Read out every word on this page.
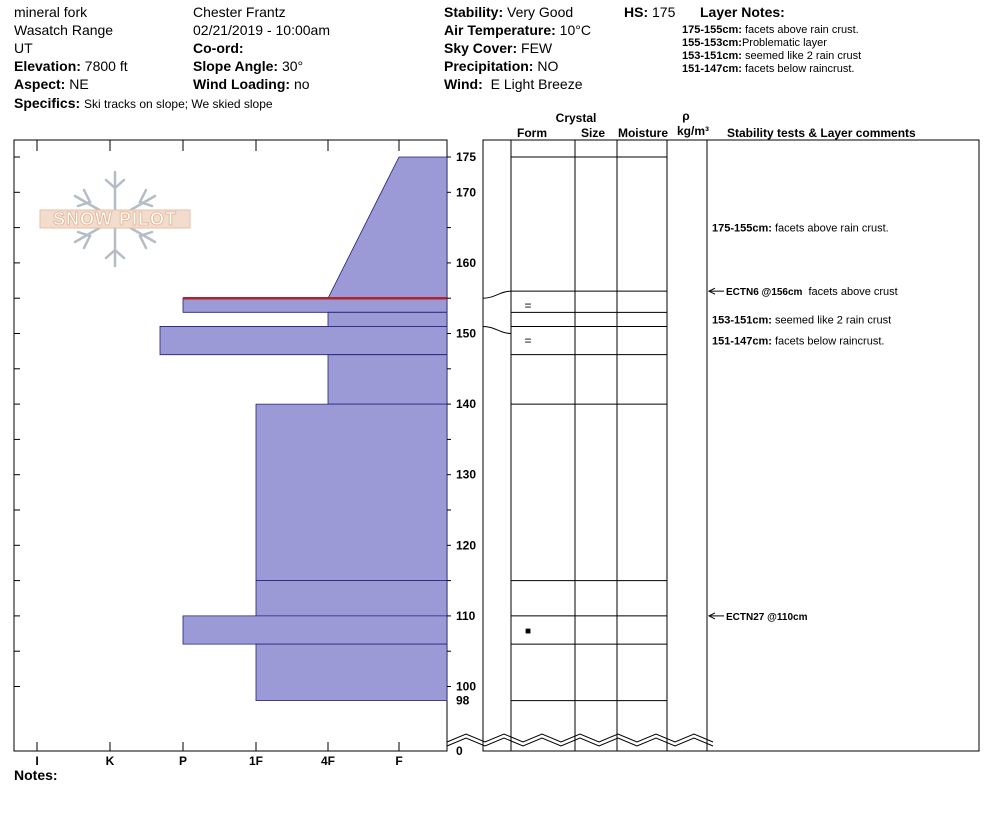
mineral fork
Wasatch Range
UT
Elevation: 7800 ft
Aspect: NE
Specifics: Ski tracks on slope; We skied slope
Chester Frantz
02/21/2019 - 10:00am
Co-ord:
Slope Angle: 30°
Wind Loading: no
Stability: Very Good
Air Temperature: 10°C
Sky Cover: FEW
Precipitation: NO
Wind: E Light Breeze
HS: 175 Layer Notes:
175-155cm: facets above rain crust.
155-153cm:Problematic layer
153-151cm: seemed like 2 rain crust
151-147cm: facets below raincrust.
I	K	P	1F	4F	F
SNOW PILOT
175
170
160
150
140
130
120
110
100
98
0
=
=
■
Crystal
Form	Size Moisture
ρ
kg/m³ Stability tests & Layer comments
175-155cm: facets above rain crust.
153-151cm: seemed like 2 rain crust
151-147cm: facets below raincrust.
ECTN6 @156cm facets above crust
ECTN27 @110cm
Notes:
